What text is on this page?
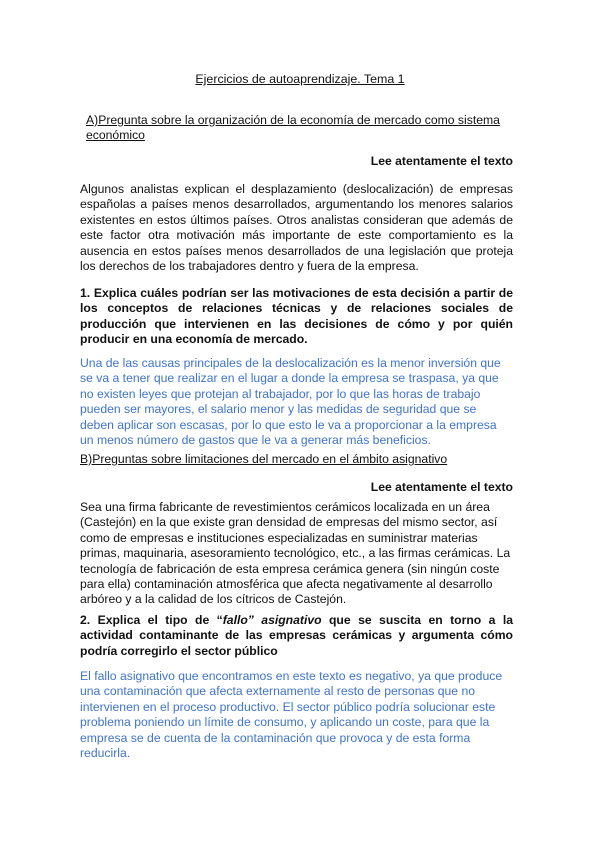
Ejercicios de autoaprendizaje. Tema 1

A)Pregunta sobre la organización de la economía de mercado como sistema económico

Lee atentamente el texto

Algunos analistas explican el desplazamiento (deslocalización) de empresas españolas a países menos desarrollados, argumentando los menores salarios existentes en estos últimos países. Otros analistas consideran que además de este factor otra motivación más importante de este comportamiento es la ausencia en estos países menos desarrollados de una legislación que proteja los derechos de los trabajadores dentro y fuera de la empresa.

1. Explica cuáles podrían ser las motivaciones de esta decisión a partir de los conceptos de relaciones técnicas y de relaciones sociales de producción que intervienen en las decisiones de cómo y por quién producir en una economía de mercado.

Una de las causas principales de la deslocalización es la menor inversión que se va a tener que realizar en el lugar a donde la empresa se traspasa, ya que no existen leyes que protejan al trabajador, por lo que las horas de trabajo pueden ser mayores, el salario menor y las medidas de seguridad que se deben aplicar son escasas, por lo que esto le va a proporcionar a la empresa un menos número de gastos que le va a generar más beneficios.

B)Preguntas sobre limitaciones del mercado en el ámbito asignativo

Lee atentamente el texto

Sea una firma fabricante de revestimientos cerámicos localizada en un área (Castejón) en la que existe gran densidad de empresas del mismo sector, así como de empresas e instituciones especializadas en suministrar materias primas, maquinaria, asesoramiento tecnológico, etc., a las firmas cerámicas. La tecnología de fabricación de esta empresa cerámica genera (sin ningún coste para ella) contaminación atmosférica que afecta negativamente al desarrollo arbóreo y a la calidad de los cítricos de Castejón.

2. Explica el tipo de “fallo” asignativo que se suscita en torno a la actividad contaminante de las empresas cerámicas y argumenta cómo podría corregirlo el sector público

El fallo asignativo que encontramos en este texto es negativo, ya que produce una contaminación que afecta externamente al resto de personas que no intervienen en el proceso productivo. El sector público podría solucionar este problema poniendo un límite de consumo, y aplicando un coste, para que la empresa se de cuenta de la contaminación que provoca y de esta forma reducirla.
